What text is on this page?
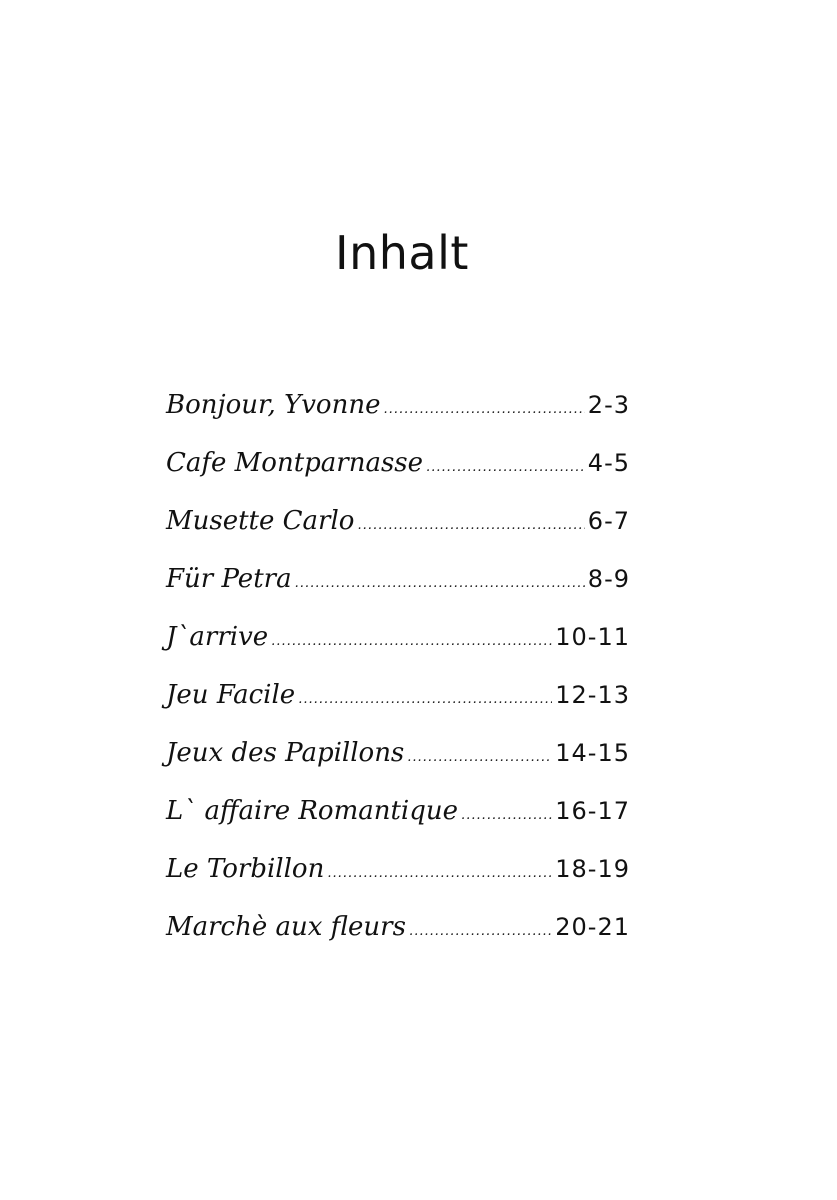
Inhalt
Bonjour, Yvonne .....	2-3
Cafe Montparnasse .....	4-5
Musette Carlo .....	6-7
Für Petra .....	8-9
J`arrive .....	10-11
Jeu Facile .....	12-13
Jeux des Papillons .....	14-15
L` affaire Romantique .....	16-17
Le Torbillon .....	18-19
Marchè aux fleurs .....	20-21
